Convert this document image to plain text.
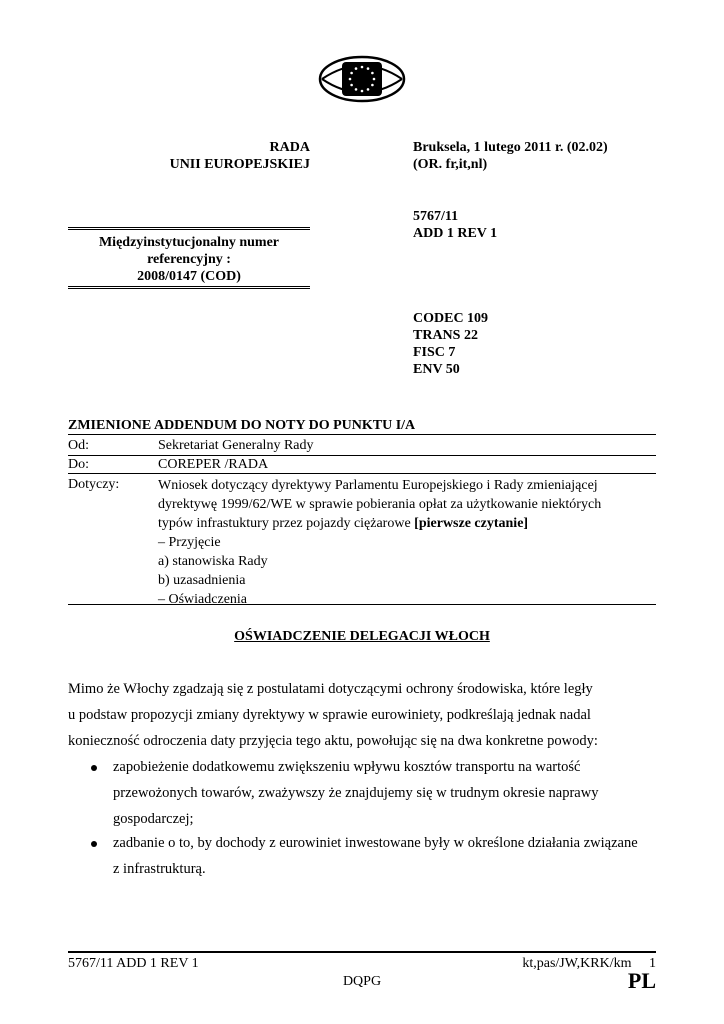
RADA
UNII EUROPEJSKIEJ
Bruksela, 1 lutego 2011 r. (02.02)
(OR. fr,it,nl)
5767/11
ADD 1 REV 1
Międzyinstytucjonalny numer
referencyjny :
2008/0147 (COD)
CODEC 109
TRANS 22
FISC 7
ENV 50
ZMIENIONE ADDENDUM DO NOTY DO PUNKTU I/A
Od:	Sekretariat Generalny Rady
Do:	COREPER /RADA
Dotyczy:	Wniosek dotyczący dyrektywy Parlamentu Europejskiego i Rady zmieniającej
dyrektywę 1999/62/WE w sprawie pobierania opłat za użytkowanie niektórych
typów infrastuktury przez pojazdy ciężarowe [pierwsze czytanie]
– Przyjęcie
a) stanowiska Rady
b) uzasadnienia
– Oświadczenia
OŚWIADCZENIE DELEGACJI WŁOCH
Mimo że Włochy zgadzają się z postulatami dotyczącymi ochrony środowiska, które legły
u podstaw propozycji zmiany dyrektywy w sprawie eurowiniety, podkreślają jednak nadal
konieczność odroczenia daty przyjęcia tego aktu, powołując się na dwa konkretne powody:
zapobieżenie dodatkowemu zwiększeniu wpływu kosztów transportu na wartość
przewożonych towarów, zważywszy że znajdujemy się w trudnym okresie naprawy
gospodarczej;
zadbanie o to, by dochody z eurowiniet inwestowane były w określone działania związane
z infrastrukturą.
5767/11 ADD 1 REV 1	kt,pas/JW,KRK/km 1
DQPG	PL
